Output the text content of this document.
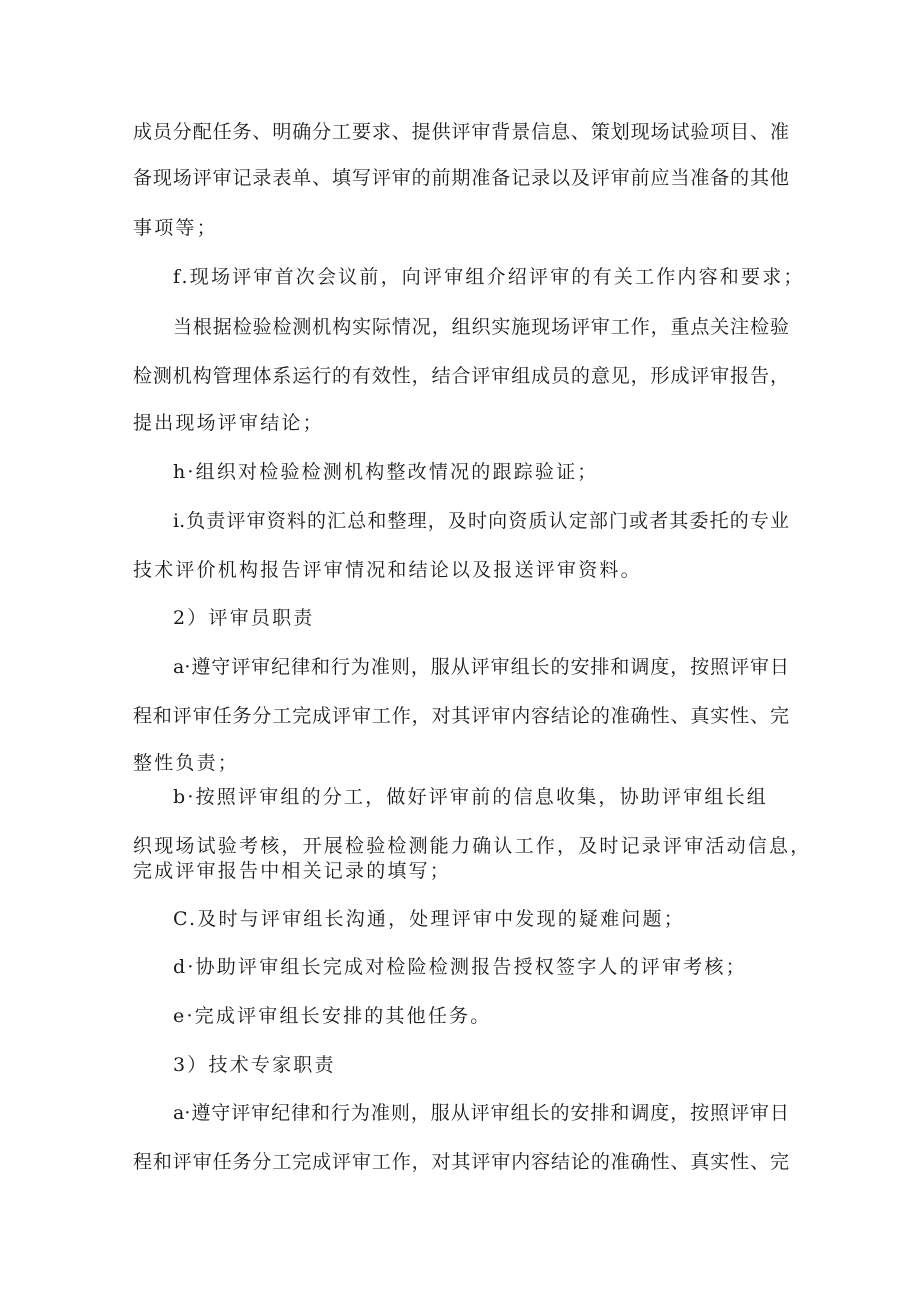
成员分配任务、明确分工要求、提供评审背景信息、策划现场试验项目、准
备现场评审记录表单、填写评审的前期准备记录以及评审前应当准备的其他
事项等；
f.现场评审首次会议前，向评审组介绍评审的有关工作内容和要求；
当根据检验检测机构实际情况，组织实施现场评审工作，重点关注检验
检测机构管理体系运行的有效性，结合评审组成员的意见，形成评审报告，
提出现场评审结论；
h·组织对检验检测机构整改情况的跟踪验证；
i.负责评审资料的汇总和整理，及时向资质认定部门或者其委托的专业
技术评价机构报告评审情况和结论以及报送评审资料。
2）评审员职责
a·遵守评审纪律和行为准则，服从评审组长的安排和调度，按照评审日
程和评审任务分工完成评审工作，对其评审内容结论的准确性、真实性、完
整性负责；
b·按照评审组的分工，做好评审前的信息收集，协助评审组长组
织现场试验考核，开展检验检测能力确认工作，及时记录评审活动信息，
完成评审报告中相关记录的填写；
C.及时与评审组长沟通，处理评审中发现的疑难问题；
d·协助评审组长完成对检险检测报告授权签字人的评审考核；
e·完成评审组长安排的其他任务。
3）技术专家职责
a·遵守评审纪律和行为准则，服从评审组长的安排和调度，按照评审日
程和评审任务分工完成评审工作，对其评审内容结论的准确性、真实性、完
